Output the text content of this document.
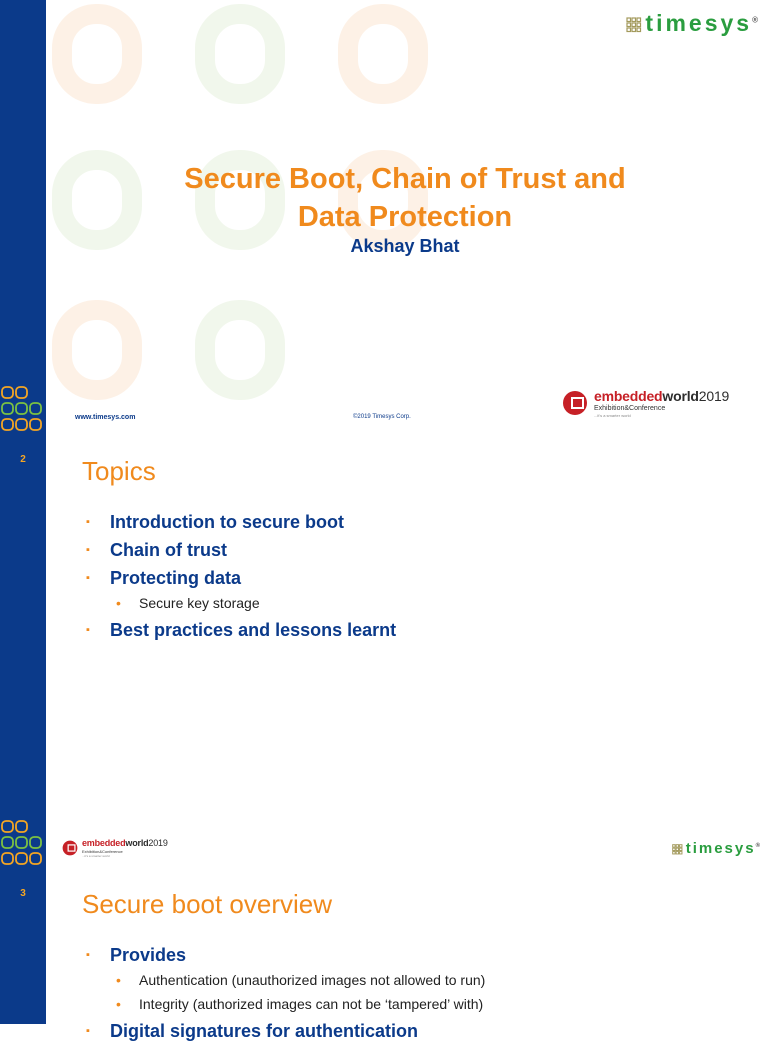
2
3
timesys®
Secure Boot, Chain of Trust and
Data Protection
Akshay Bhat
www.timesys.com	©2019 Timesys Corp.
embeddedworld2019
Exhibition&Conference
...it's a smarter world
Topics
▪ Introduction to secure boot
▪ Chain of trust
▪ Protecting data
• Secure key storage
▪ Best practices and lessons learnt
embeddedworld2019
Exhibition&Conference
...it's a smarter world	timesys®
Secure boot overview
▪ Provides
• Authentication (unauthorized images not allowed to run)
• Integrity (authorized images can not be ‘tampered’ with)
▪ Digital signatures for authentication
